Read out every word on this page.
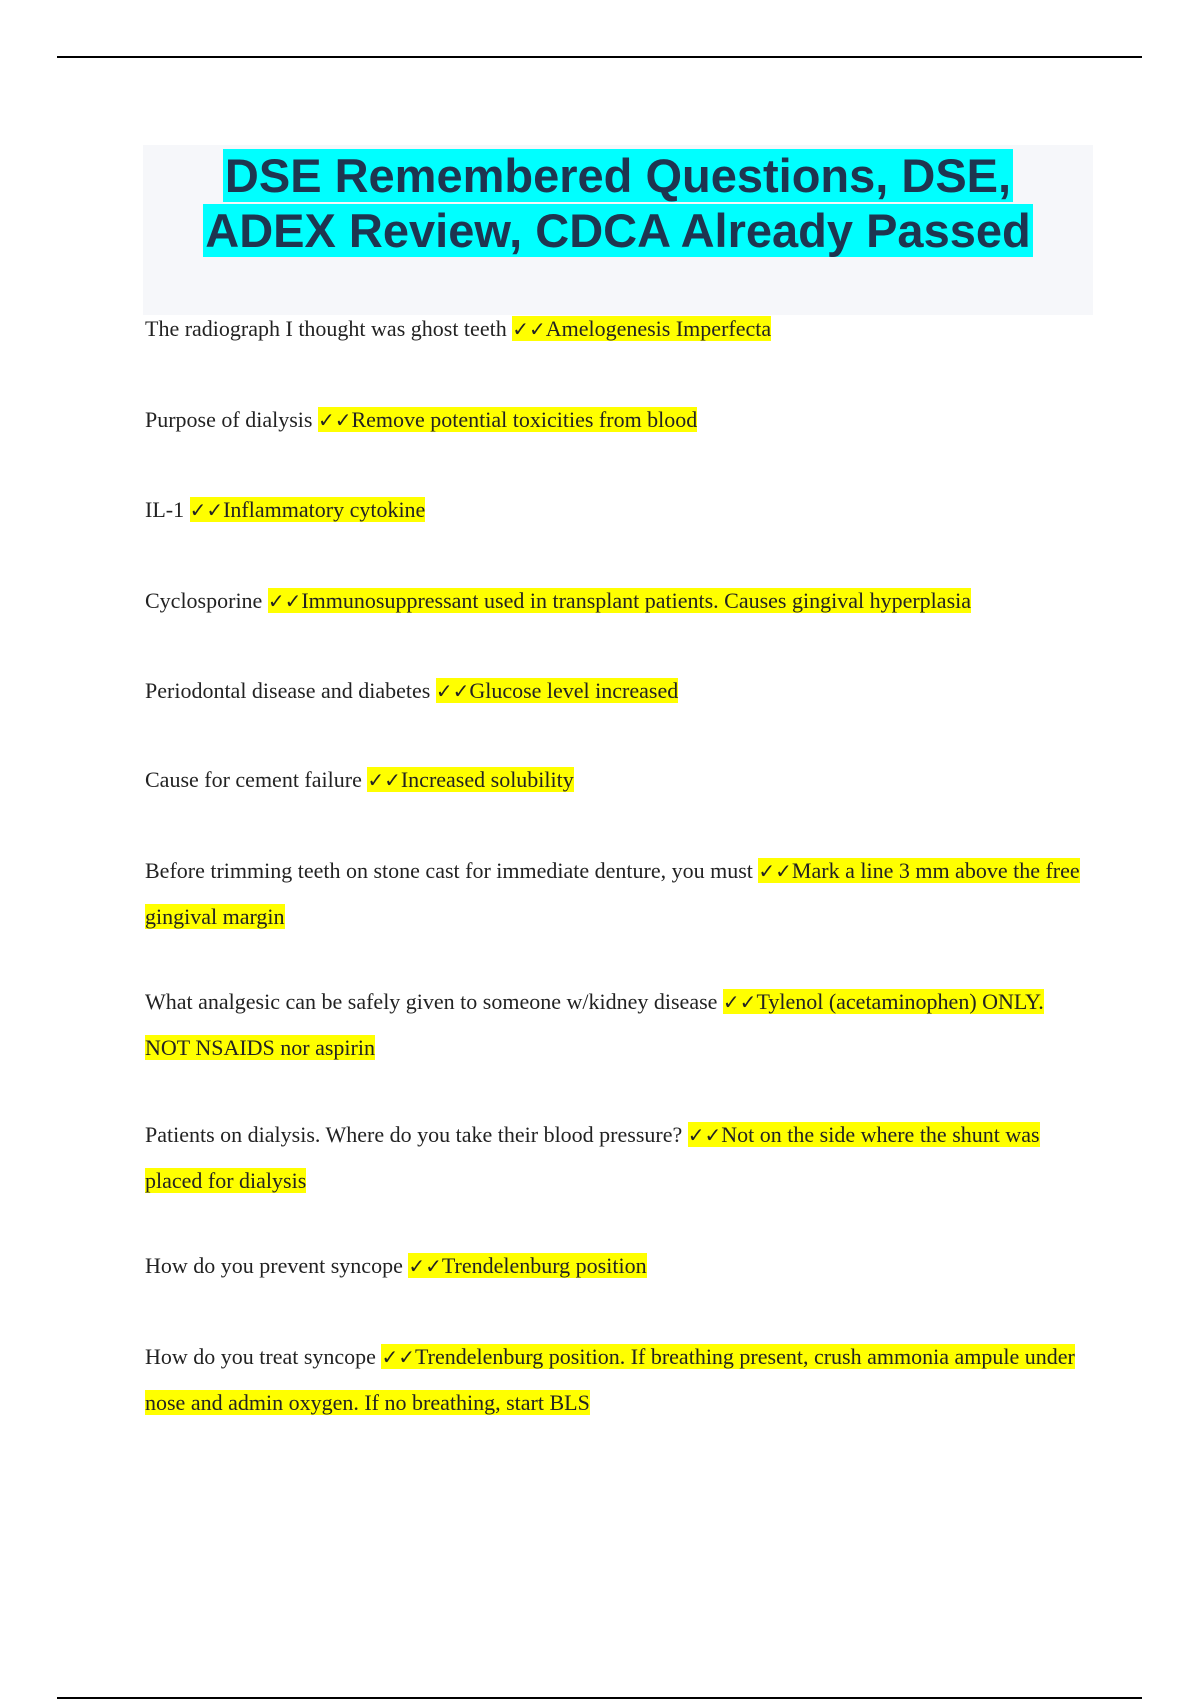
DSE Remembered Questions, DSE,
ADEX Review, CDCA Already Passed

The radiograph I thought was ghost teeth ✓✓Amelogenesis Imperfecta

Purpose of dialysis ✓✓Remove potential toxicities from blood

IL-1 ✓✓Inflammatory cytokine

Cyclosporine ✓✓Immunosuppressant used in transplant patients. Causes gingival hyperplasia

Periodontal disease and diabetes ✓✓Glucose level increased

Cause for cement failure ✓✓Increased solubility

Before trimming teeth on stone cast for immediate denture, you must ✓✓Mark a line 3 mm above the free gingival margin

What analgesic can be safely given to someone w/kidney disease ✓✓Tylenol (acetaminophen) ONLY. NOT NSAIDS nor aspirin

Patients on dialysis. Where do you take their blood pressure? ✓✓Not on the side where the shunt was placed for dialysis

How do you prevent syncope ✓✓Trendelenburg position

How do you treat syncope ✓✓Trendelenburg position. If breathing present, crush ammonia ampule under nose and admin oxygen. If no breathing, start BLS
